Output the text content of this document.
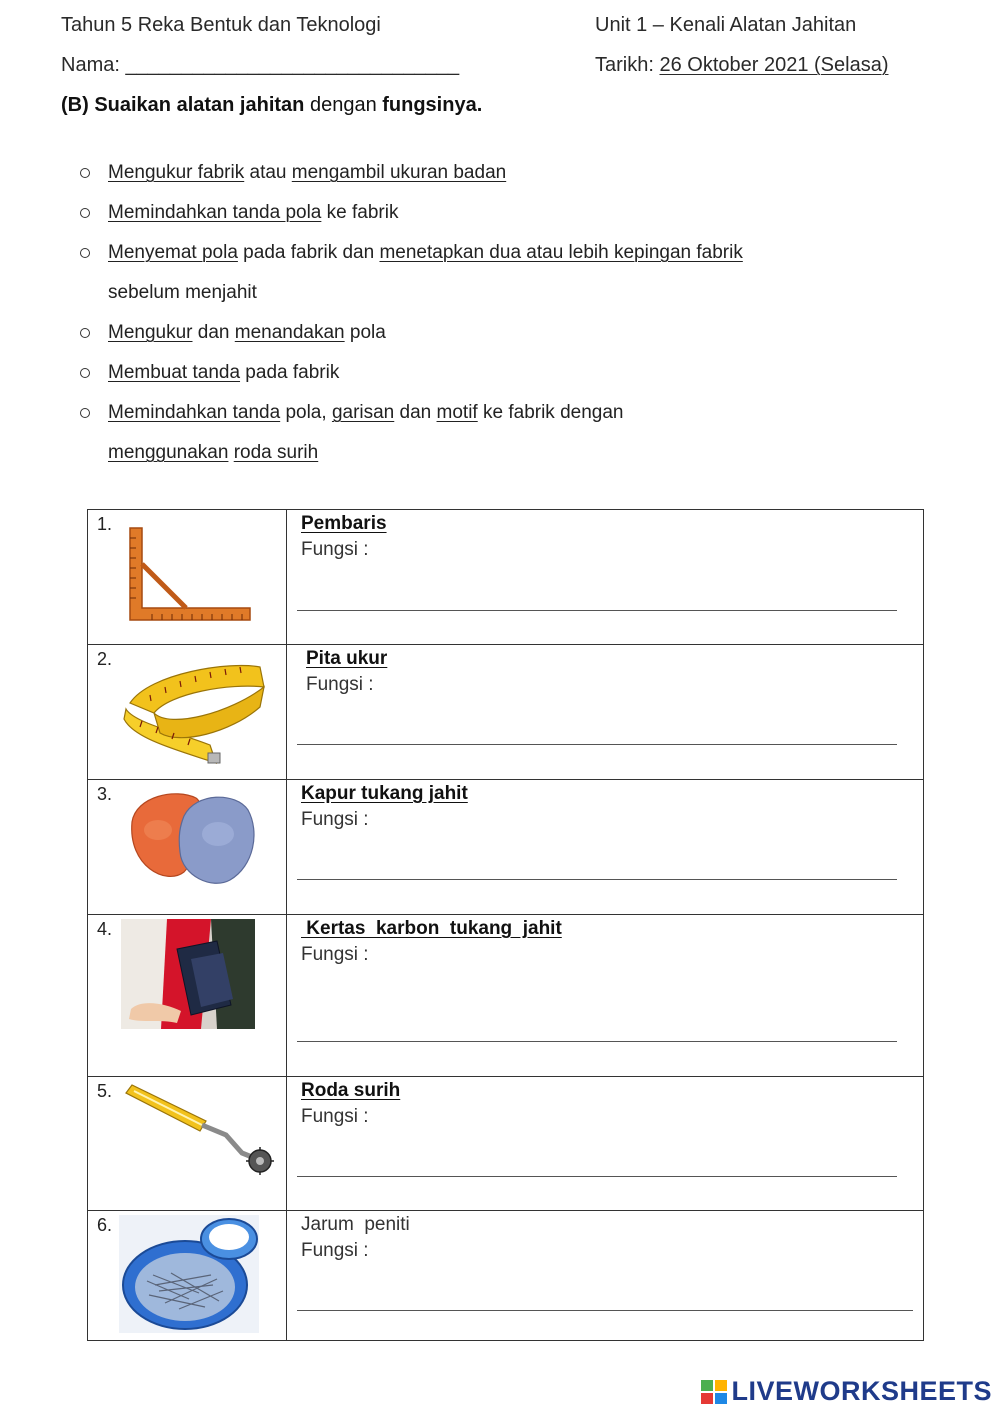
Tahun 5 Reka Bentuk dan Teknologi	Unit 1 – Kenali Alatan Jahitan
Nama: ______________________________	Tarikh: 26 Oktober 2021 (Selasa)
(B) Suaikan alatan jahitan dengan fungsinya.
Mengukur fabrik atau mengambil ukuran badan
Memindahkan tanda pola ke fabrik
Menyemat pola pada fabrik dan menetapkan dua atau lebih kepingan fabrik
sebelum menjahit
Mengukur dan menandakan pola
Membuat tanda pada fabrik
Memindahkan tanda pola, garisan dan motif ke fabrik dengan
menggunakan roda surih
1.	Pembaris
Fungsi :

2.	Pita ukur
Fungsi :

3.	Kapur tukang jahit
Fungsi :

4.	Kertas  karbon  tukang  jahit
Fungsi :

5.	Roda surih
Fungsi :

6.	Jarum  peniti
Fungsi :
LIVEWORKSHEETS
